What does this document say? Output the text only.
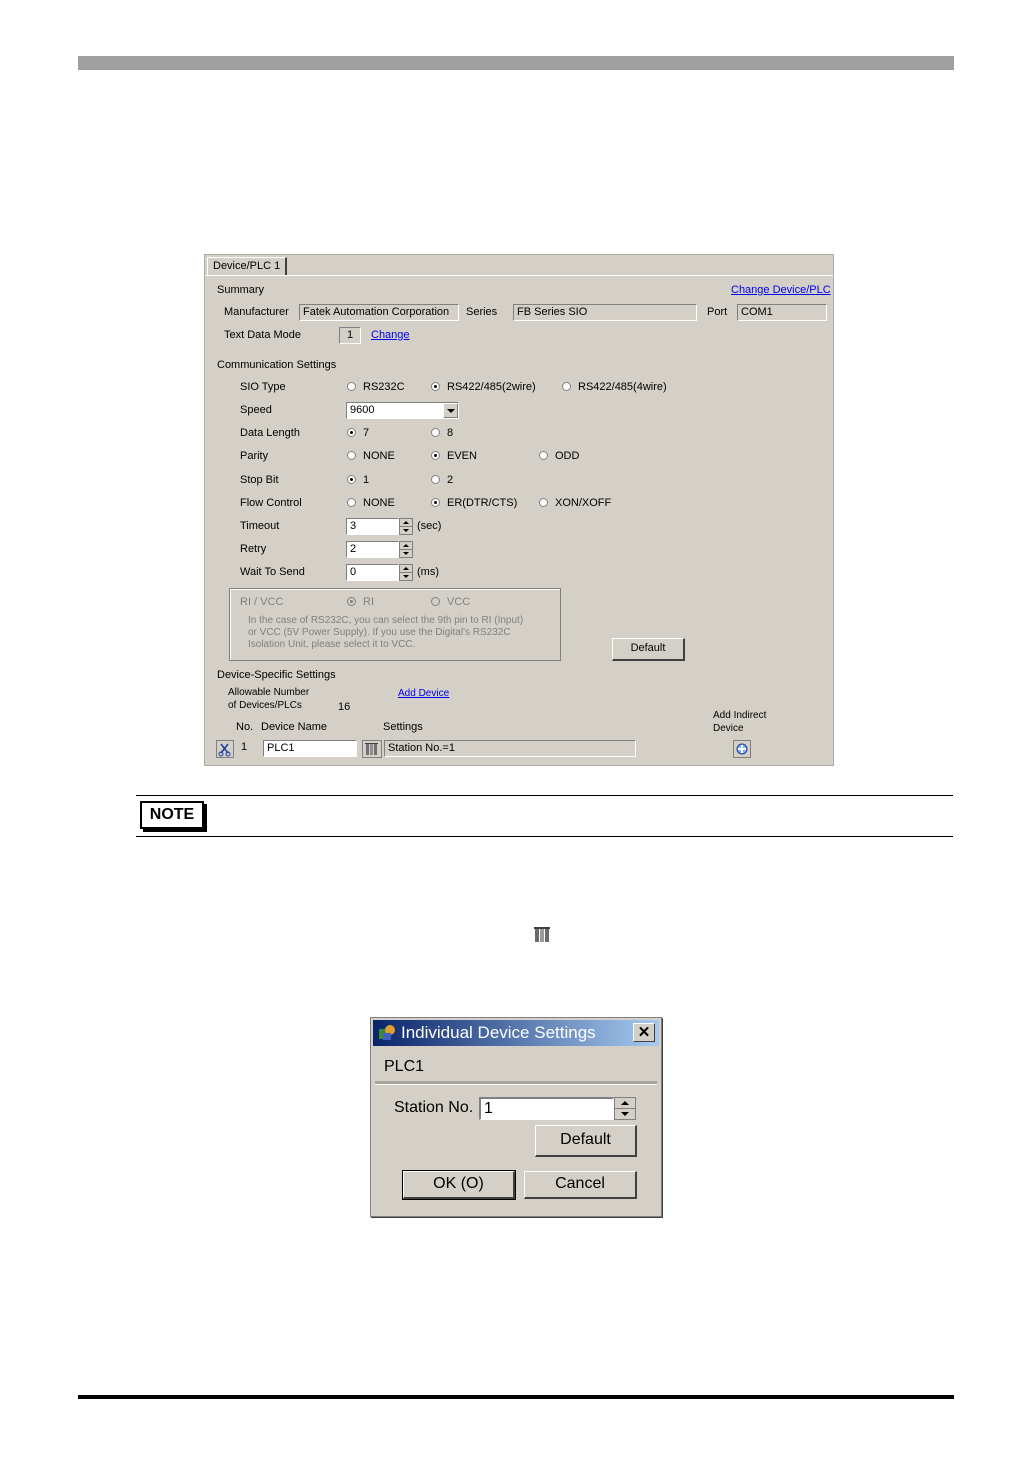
Device/PLC 1
Summary	Change Device/PLC
Manufacturer	Fatek Automation Corporation	Series	FB Series SIO	Port	COM1
Text Data Mode	1	Change
Communication Settings
SIO Type	RS232C	RS422/485(2wire)	RS422/485(4wire)
Speed	9600
Data Length	7	8
Parity	NONE	EVEN	ODD
Stop Bit	1	2
Flow Control	NONE	ER(DTR/CTS)	XON/XOFF
Timeout	3	(sec)
Retry	2
Wait To Send	0	(ms)
RI / VCC	RI	VCC
In the case of RS232C, you can select the 9th pin to RI (Input)
or VCC (5V Power Supply). If you use the Digital's RS232C
Isolation Unit, please select it to VCC.	Default
Device-Specific Settings
Allowable Number
of Devices/PLCs	16
Add Device
Add Indirect
Device
No. Device Name	Settings
1	PLC1	Station No.=1
NOTE
Individual Device Settings	✕
PLC1
Station No. 1
Default
OK (O)	Cancel
